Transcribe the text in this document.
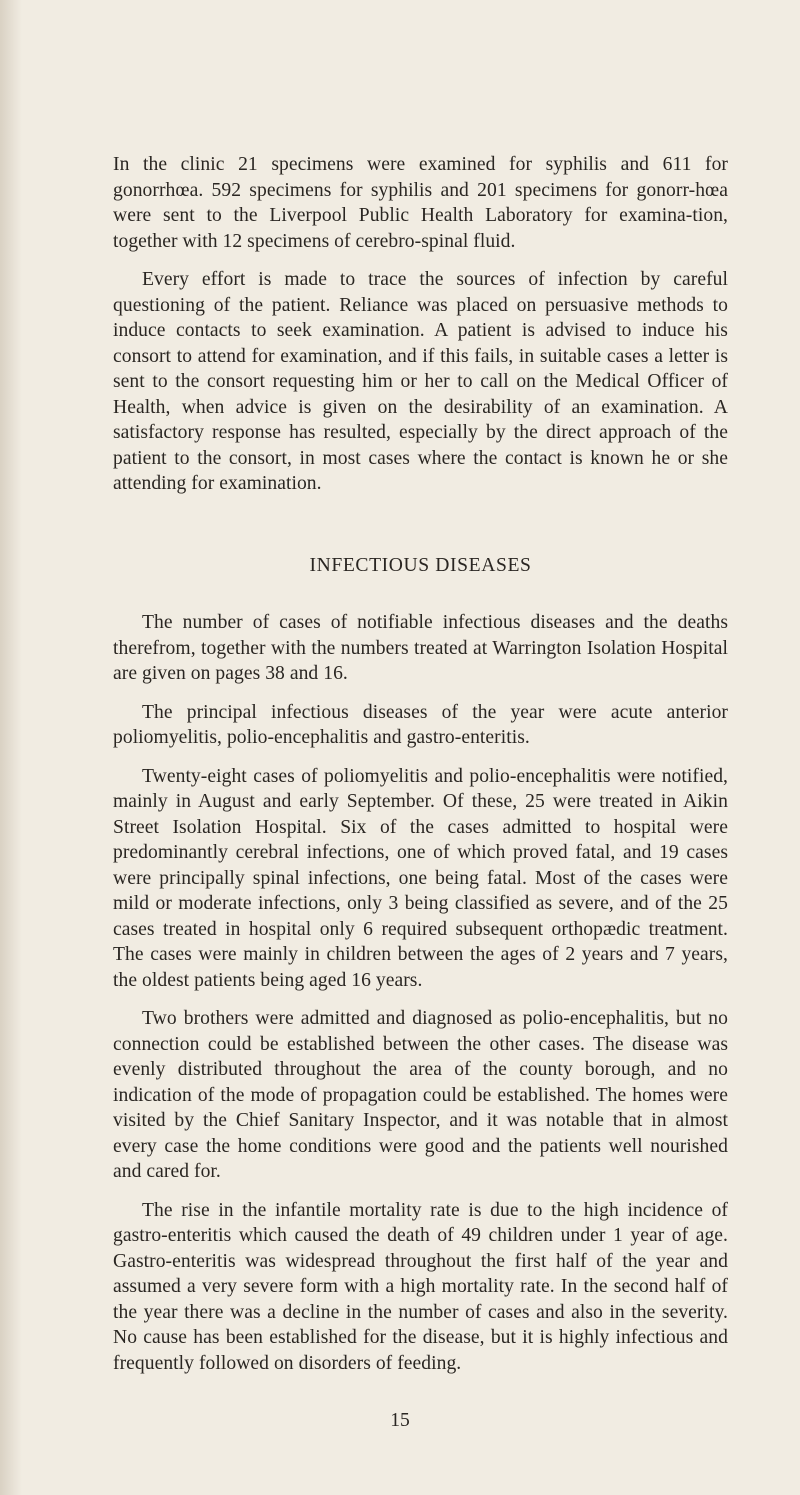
In the clinic 21 specimens were examined for syphilis and 611 for gonorrhœa. 592 specimens for syphilis and 201 specimens for gonorr-hœa were sent to the Liverpool Public Health Laboratory for examina-tion, together with 12 specimens of cerebro-spinal fluid.

Every effort is made to trace the sources of infection by careful questioning of the patient. Reliance was placed on persuasive methods to induce contacts to seek examination. A patient is advised to induce his consort to attend for examination, and if this fails, in suitable cases a letter is sent to the consort requesting him or her to call on the Medical Officer of Health, when advice is given on the desirability of an examination. A satisfactory response has resulted, especially by the direct approach of the patient to the consort, in most cases where the contact is known he or she attending for examination.

INFECTIOUS DISEASES

The number of cases of notifiable infectious diseases and the deaths therefrom, together with the numbers treated at Warrington Isolation Hospital are given on pages 38 and 16.

The principal infectious diseases of the year were acute anterior poliomyelitis, polio-encephalitis and gastro-enteritis.

Twenty-eight cases of poliomyelitis and polio-encephalitis were notified, mainly in August and early September. Of these, 25 were treated in Aikin Street Isolation Hospital. Six of the cases admitted to hospital were predominantly cerebral infections, one of which proved fatal, and 19 cases were principally spinal infections, one being fatal. Most of the cases were mild or moderate infections, only 3 being classified as severe, and of the 25 cases treated in hospital only 6 required subsequent orthopædic treatment. The cases were mainly in children between the ages of 2 years and 7 years, the oldest patients being aged 16 years.

Two brothers were admitted and diagnosed as polio-encephalitis, but no connection could be established between the other cases. The disease was evenly distributed throughout the area of the county borough, and no indication of the mode of propagation could be established. The homes were visited by the Chief Sanitary Inspector, and it was notable that in almost every case the home conditions were good and the patients well nourished and cared for.

The rise in the infantile mortality rate is due to the high incidence of gastro-enteritis which caused the death of 49 children under 1 year of age. Gastro-enteritis was widespread throughout the first half of the year and assumed a very severe form with a high mortality rate. In the second half of the year there was a decline in the number of cases and also in the severity. No cause has been established for the disease, but it is highly infectious and frequently followed on disorders of feeding.

15
